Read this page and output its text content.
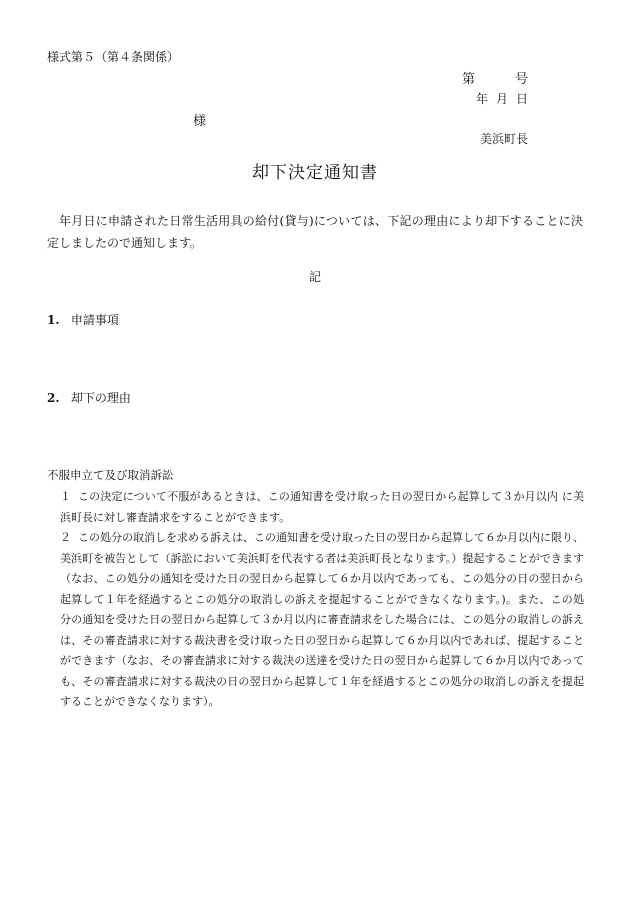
様式第５（第４条関係）
第	号
年 月 日
様
美浜町長
却下決定通知書
年月日に申請された日常生活用具の給付(貸与)については、下記の理由により却下することに決定しましたので通知します。
記
1. 申請事項
2. 却下の理由
不服申立て及び取消訴訟
１ この決定について不服があるときは、この通知書を受け取った日の翌日から起算して３か月以内 に美浜町長に対し審査請求をすることができます。
２ この処分の取消しを求める訴えは、この通知書を受け取った日の翌日から起算して６か月以内に限り、美浜町を被告として（訴訟において美浜町を代表する者は美浜町長となります。）提起することができます（なお、この処分の通知を受けた日の翌日から起算して６か月以内であっても、この処分の日の翌日から起算して１年を経過するとこの処分の取消しの訴えを提起することができなくなります。)。また、この処分の通知を受けた日の翌日から起算して３か月以内に審査請求をした場合には、この処分の取消しの訴えは、その審査請求に対する裁決書を受け取った日の翌日から起算して６か月以内であれば、提起することができます（なお、その審査請求に対する裁決の送達を受けた日の翌日から起算して６か月以内であっても、その審査請求に対する裁決の日の翌日から起算して１年を経過するとこの処分の取消しの訴えを提起することができなくなります）。
